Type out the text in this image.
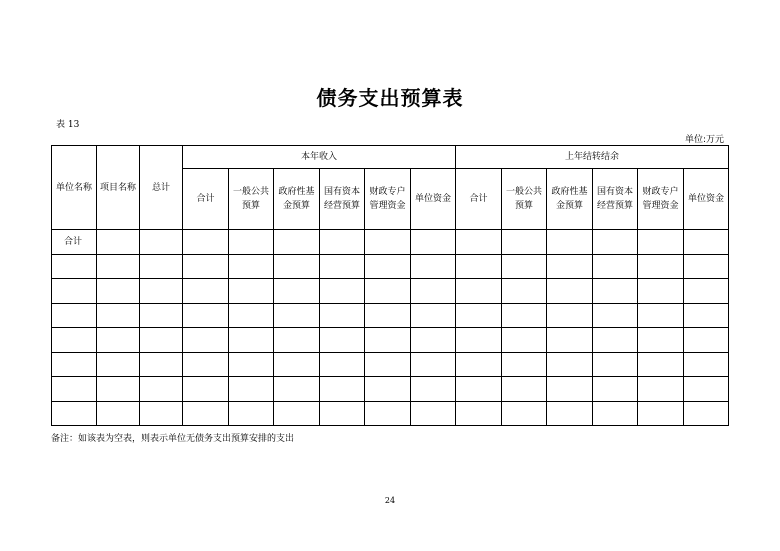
债务支出预算表
表 13
单位:万元
单位名称	项目名称	总计	本年收入						上年结转结余					
			合计	一般公共预算	政府性基金预算	国有资本经营预算	财政专户管理资金	单位资金	合计	一般公共预算	政府性基金预算	国有资本经营预算	财政专户管理资金	单位资金
合计														

备注：如该表为空表，则表示单位无债务支出预算安排的支出
24
